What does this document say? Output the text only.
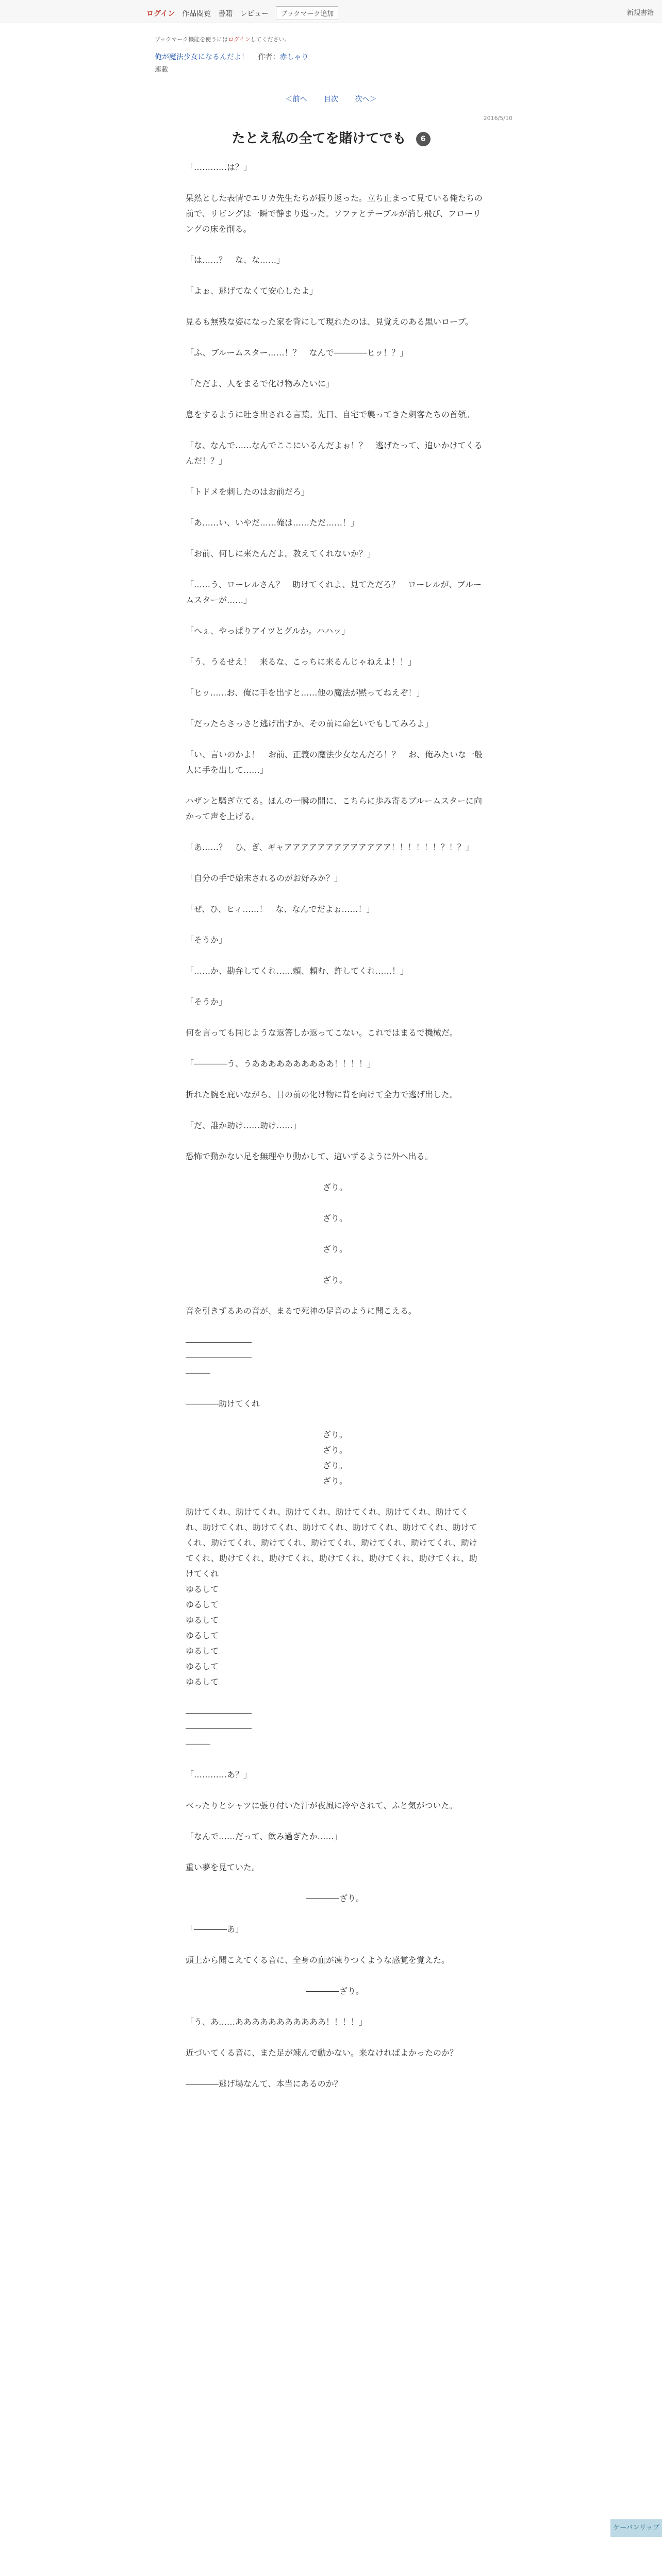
ログイン 作品閲覧 書籍 レビュー	ブックマーク追加	新規書籍
ブックマーク機能を使うにはログインしてください。
俺が魔法少女になるんだよ！ 作者：赤しゃり
連載
＜前へ 目次 次へ＞
2016/5/10
たとえ私の全てを賭けてでも 6

「…………は？」

呆然とした表情でエリカ先生たちが振り返った。立ち止まって見ている俺たちの前で、リビングは一瞬で静まり返った。ソファとテーブルが消し飛び、フローリングの床を削る。

「は……？　な、な……」

「よぉ、逃げてなくて安心したよ」

見るも無残な姿になった家を背にして現れたのは、見覚えのある黒いローブ。

「ふ、ブルームスター……！？　なんで――――ヒッ！？」

「ただよ、人をまるで化け物みたいに」

息をするように吐き出される言葉。先日、自宅で襲ってきた刺客たちの首領。

「な、なんで……なんでここにいるんだよぉ！？　逃げたって、追いかけてくるんだ！？」

「トドメを刺したのはお前だろ」

「あ……い、いやだ……俺は……ただ……！」

「お前、何しに来たんだよ。教えてくれないか？」

「……う、ローレルさん？　助けてくれよ、見てただろ？　ローレルが、ブルームスターが……」

「へぇ、やっぱりアイツとグルか。ハハッ」

「う、うるせえ！　来るな、こっちに来るんじゃねえよ！！」

「ヒッ……お、俺に手を出すと……他の魔法が黙ってねえぞ！」

「だったらさっさと逃げ出すか、その前に命乞いでもしてみろよ」

「い、言いのかよ！　お前、正義の魔法少女なんだろ！？　お、俺みたいな一般人に手を出して……」

ハザンと騒ぎ立てる。ほんの一瞬の間に、こちらに歩み寄るブルームスターに向かって声を上げる。

「あ……？　ひ、ぎ、ギャアアアアアアアアアアアアア！！！！！！？！？」

「自分の手で始末されるのがお好みか？」

「ぜ、ひ、ヒィ……！　な、なんでだよぉ……！」

「そうか」

「……か、勘弁してくれ……頼、頼む、許してくれ……！」

「そうか」

何を言っても同じような返答しか返ってこない。これではまるで機械だ。

「――――う、うああああああああああ！！！！」

折れた腕を庇いながら、目の前の化け物に背を向けて全力で逃げ出した。

「だ、誰か助け……助け……」

恐怖で動かない足を無理やり動かして、這いずるように外へ出る。

ざり。

ざり。

ざり。

ざり。

音を引きずるあの音が、まるで死神の足音のように聞こえる。

――――――――

――――――――

―――

――――助けてくれ

ざり。

ざり。

ざり。

ざり。

助けてくれ、助けてくれ、助けてくれ、助けてくれ、助けてくれ、助けてくれ、助けてくれ、助けてくれ、助けてくれ、助けてくれ、助けてくれ、助けてくれ、助けてくれ、助けてくれ、助けてくれ、助けてくれ、助けてくれ、助けてくれ、助けてくれ、助けてくれ、助けてくれ、助けてくれ、助けてくれ、助けてくれ

ゆるして

ゆるして

ゆるして

ゆるして

ゆるして

ゆるして

ゆるして

――――――――

――――――――

―――

「…………あ？」

ぺったりとシャツに張り付いた汗が夜風に冷やされて、ふと気がついた。

「なんで……だって、飲み過ぎたか……」

重い夢を見ていた。

――――ざり。

「――――あ」

頭上から聞こえてくる音に、全身の血が凍りつくような感覚を覚えた。

――――ざり。

「う、あ……あああああああああああ！！！！」

近づいてくる音に、また足が竦んで動かない。来なければよかったのか？

――――逃げ場なんて、本当にあるのか？

ケーバンリップ
